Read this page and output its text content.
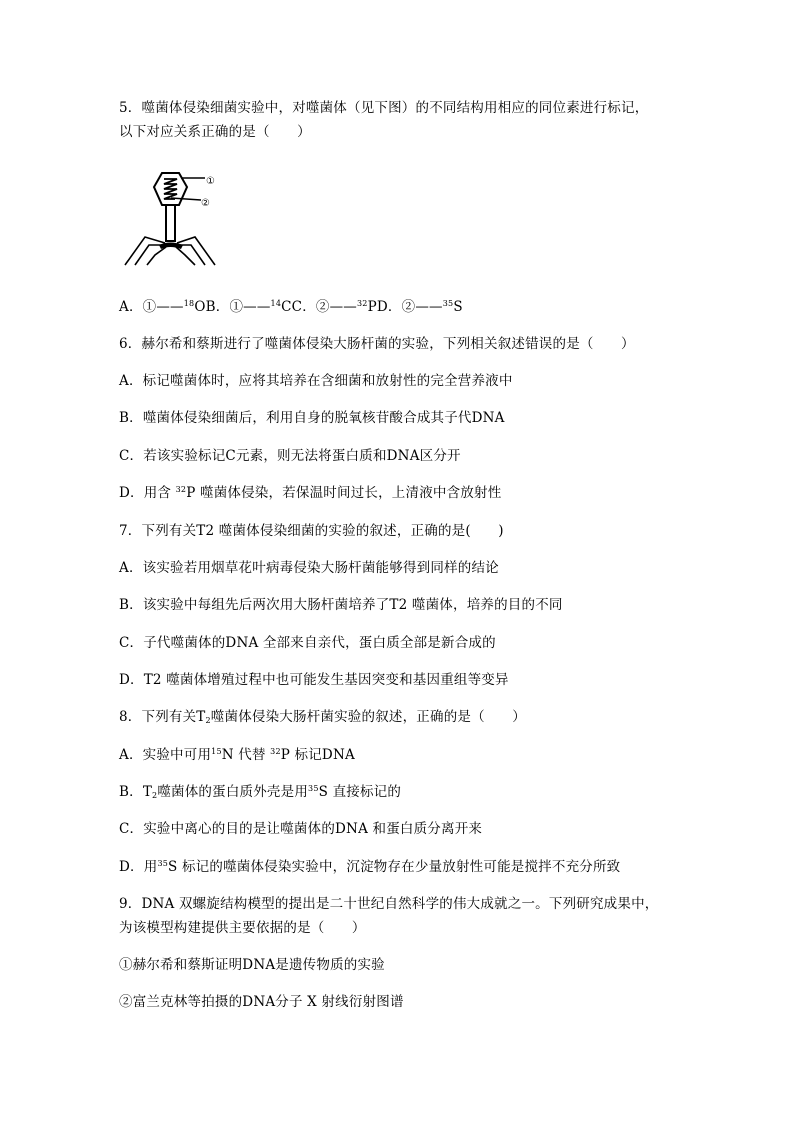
5．噬菌体侵染细菌实验中，对噬菌体（见下图）的不同结构用相应的同位素进行标记，
以下对应关系正确的是（　　）
①
②
A．①——$^{18}$OB．①——$^{14}$CC．②——$^{32}$PD．②——$^{35}$S
6．赫尔希和蔡斯进行了噬菌体侵染大肠杆菌的实验，下列相关叙述错误的是（　　）
A．标记噬菌体时，应将其培养在含细菌和放射性的完全营养液中
B．噬菌体侵染细菌后，利用自身的脱氧核苷酸合成其子代DNA
C．若该实验标记C元素，则无法将蛋白质和DNA区分开
D．用含 $^{32}$P 噬菌体侵染，若保温时间过长，上清液中含放射性
7．下列有关T2 噬菌体侵染细菌的实验的叙述，正确的是(　　)
A．该实验若用烟草花叶病毒侵染大肠杆菌能够得到同样的结论
B．该实验中每组先后两次用大肠杆菌培养了T2 噬菌体，培养的目的不同
C．子代噬菌体的DNA 全部来自亲代，蛋白质全部是新合成的
D．T2 噬菌体增殖过程中也可能发生基因突变和基因重组等变异
8．下列有关$T_2$噬菌体侵染大肠杆菌实验的叙述，正确的是（　　）
A．实验中可用$^{15}$N 代替 $^{32}$P 标记DNA
B．$T_2$噬菌体的蛋白质外壳是用$^{35}$S 直接标记的
C．实验中离心的目的是让噬菌体的DNA 和蛋白质分离开来
D．用$^{35}$S 标记的噬菌体侵染实验中，沉淀物存在少量放射性可能是搅拌不充分所致
9．DNA 双螺旋结构模型的提出是二十世纪自然科学的伟大成就之一。下列研究成果中，
为该模型构建提供主要依据的是（　　）
①赫尔希和蔡斯证明DNA是遗传物质的实验
②富兰克林等拍摄的DNA分子 X 射线衍射图谱
